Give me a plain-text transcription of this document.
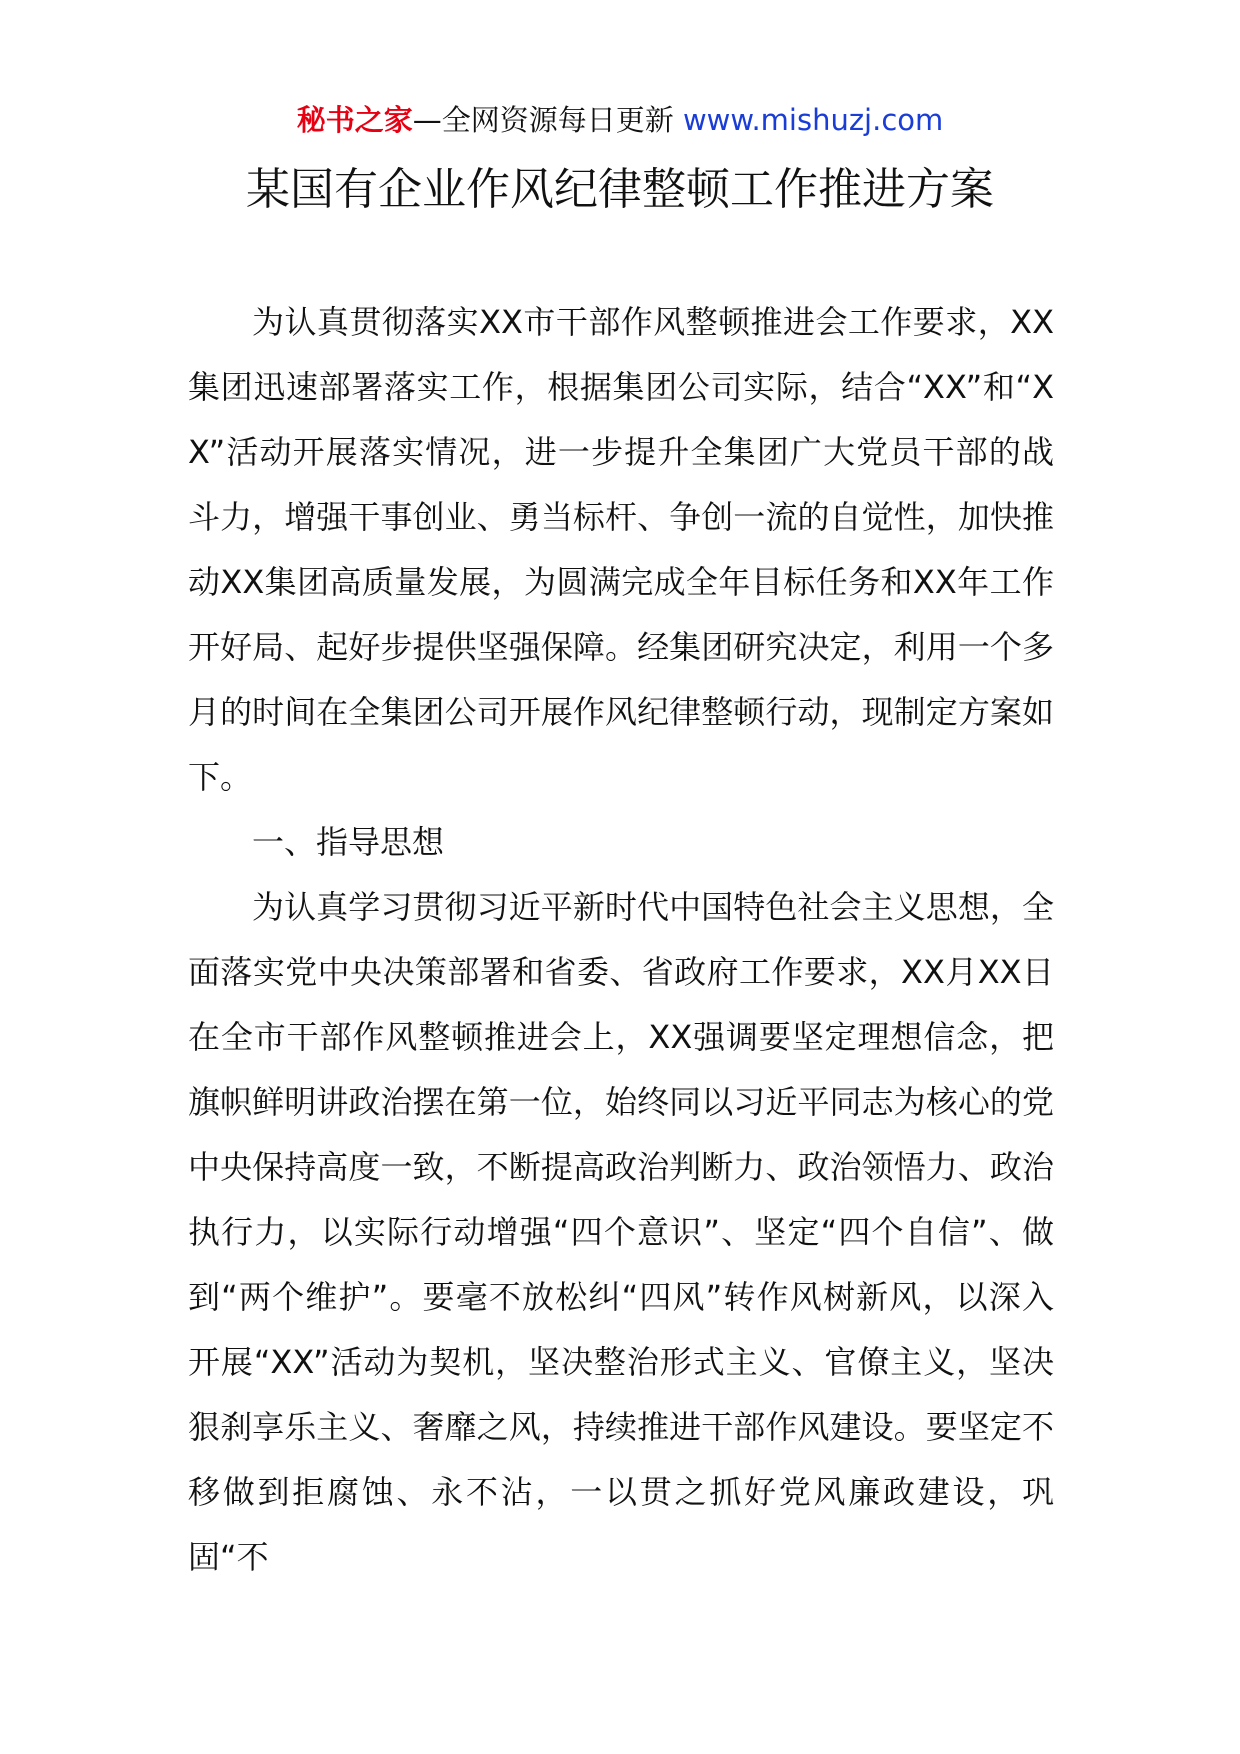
秘书之家—全网资源每日更新 www.mishuzj.com
某国有企业作风纪律整顿工作推进方案

为认真贯彻落实XX市干部作风整顿推进会工作要求，XX集团迅速部署落实工作，根据集团公司实际，结合“XX”和“XX”活动开展落实情况，进一步提升全集团广大党员干部的战斗力，增强干事创业、勇当标杆、争创一流的自觉性，加快推动XX集团高质量发展，为圆满完成全年目标任务和XX年工作开好局、起好步提供坚强保障。经集团研究决定，利用一个多月的时间在全集团公司开展作风纪律整顿行动，现制定方案如下。

一、指导思想

为认真学习贯彻习近平新时代中国特色社会主义思想，全面落实党中央决策部署和省委、省政府工作要求，XX月XX日在全市干部作风整顿推进会上，XX强调要坚定理想信念，把旗帜鲜明讲政治摆在第一位，始终同以习近平同志为核心的党中央保持高度一致，不断提高政治判断力、政治领悟力、政治执行力，以实际行动增强“四个意识”、坚定“四个自信”、做到“两个维护”。要毫不放松纠“四风”转作风树新风，以深入开展“XX”活动为契机，坚决整治形式主义、官僚主义，坚决狠刹享乐主义、奢靡之风，持续推进干部作风建设。要坚定不移做到拒腐蚀、永不沾，一以贯之抓好党风廉政建设，巩固“不
